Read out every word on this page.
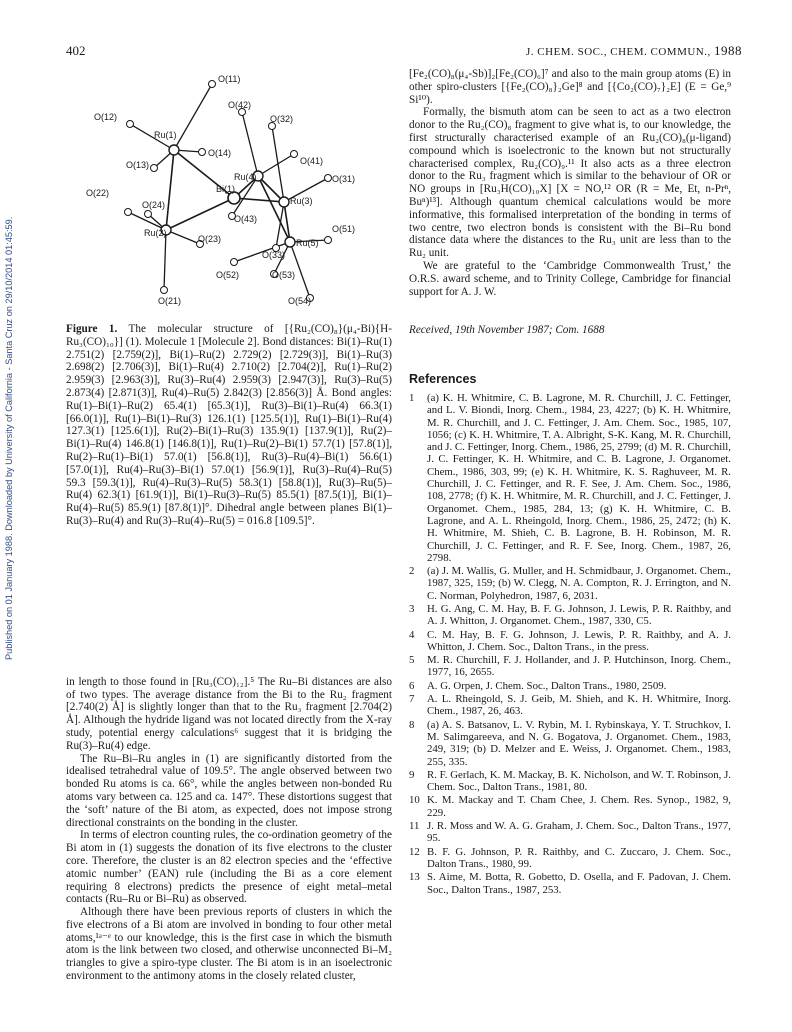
402	J. CHEM. SOC., CHEM. COMMUN., 1988
Published on 01 January 1988. Downloaded by University of California - Santa Cruz on 29/10/2014 01:45:59.
O(11)
O(42)
O(12)	O(32)
Ru(1)
O(14)
O(13)
Ru(4)
O(41)
O(31)
Bi(1)
O(22)
O(24)	Ru(3)
O(43)
O(51)
Ru(2)
O(23)	Ru(5)
O(33)
O(52)	O(53)
O(21)	O(54)

Figure 1. The molecular structure of [{Ru₂(CO)₈}(μ₄-Bi){H-Ru₃(CO)₁₀}] (1). Molecule 1 [Molecule 2]. Bond distances: Bi(1)–Ru(1) 2.751(2) [2.759(2)], Bi(1)–Ru(2) 2.729(2) [2.729(3)], Bi(1)–Ru(3) 2.698(2) [2.706(3)], Bi(1)–Ru(4) 2.710(2) [2.704(2)], Ru(1)–Ru(2) 2.959(3) [2.963(3)], Ru(3)–Ru(4) 2.959(3) [2.947(3)], Ru(3)–Ru(5) 2.873(4) [2.871(3)], Ru(4)–Ru(5) 2.842(3) [2.856(3)] Å. Bond angles: Ru(1)–Bi(1)–Ru(2) 65.4(1) [65.3(1)], Ru(3)–Bi(1)–Ru(4) 66.3(1) [66.0(1)], Ru(1)–Bi(1)–Ru(3) 126.1(1) [125.5(1)], Ru(1)–Bi(1)–Ru(4) 127.3(1) [125.6(1)], Ru(2)–Bi(1)–Ru(3) 135.9(1) [137.9(1)], Ru(2)–Bi(1)–Ru(4) 146.8(1) [146.8(1)], Ru(1)–Ru(2)–Bi(1) 57.7(1) [57.8(1)], Ru(2)–Ru(1)–Bi(1) 57.0(1) [56.8(1)], Ru(3)–Ru(4)–Bi(1) 56.6(1) [57.0(1)], Ru(4)–Ru(3)–Bi(1) 57.0(1) [56.9(1)], Ru(3)–Ru(4)–Ru(5) 59.3 [59.3(1)], Ru(4)–Ru(3)–Ru(5) 58.3(1) [58.8(1)], Ru(3)–Ru(5)–Ru(4) 62.3(1) [61.9(1)], Bi(1)–Ru(3)–Ru(5) 85.5(1) [87.5(1)], Bi(1)–Ru(4)–Ru(5) 85.9(1) [87.8(1)]°. Dihedral angle between planes Bi(1)–Ru(3)–Ru(4) and Ru(3)–Ru(4)–Ru(5) = 016.8 [109.5]°.

in length to those found in [Ru₃(CO)₁₂].⁵ The Ru–Bi distances are also of two types. The average distance from the Bi to the Ru₂ fragment [2.740(2) Å] is slightly longer than that to the Ru₃ fragment [2.704(2) Å]. Although the hydride ligand was not located directly from the X-ray study, potential energy calculations⁶ suggest that it is bridging the Ru(3)–Ru(4) edge.

The Ru–Bi–Ru angles in (1) are significantly distorted from the idealised tetrahedral value of 109.5°. The angle observed between two bonded Ru atoms is ca. 66°, while the angles between non-bonded Ru atoms vary between ca. 125 and ca. 147°. These distortions suggest that the ‘soft’ nature of the Bi atom, as expected, does not impose strong directional constraints on the bonding in the cluster.

In terms of electron counting rules, the co-ordination geometry of the Bi atom in (1) suggests the donation of its five electrons to the cluster core. Therefore, the cluster is an 82 electron species and the ‘effective atomic number’ (EAN) rule (including the Bi as a core element requiring 8 electrons) predicts the presence of eight metal–metal contacts (Ru–Ru or Bi–Ru) as observed.

Although there have been previous reports of clusters in which the five electrons of a Bi atom are involved in bonding to four other metal atoms,¹ᵃ⁻ᵉ to our knowledge, this is the first case in which the bismuth atom is the link between two closed, and otherwise unconnected Bi–M₂ triangles to give a spiro-type cluster. The Bi atom is in an isoelectronic environment to the antimony atoms in the closely related cluster,

[Fe₂(CO)₈(μ₄-Sb)]₂[Fe₂(CO)₆]⁷ and also to the main group atoms (E) in other spiro-clusters [{Fe₂(CO)₈}₂Ge]⁸ and [{Co₂(CO)₇}₂E] (E = Ge,⁹ Si¹⁰).

Formally, the bismuth atom can be seen to act as a two electron donor to the Ru₂(CO)₈ fragment to give what is, to our knowledge, the first structurally characterised example of an Ru₂(CO)₈(μ-ligand) compound which is isoelectronic to the known but not structurally characterised complex, Ru₂(CO)₉.¹¹ It also acts as a three electron donor to the Ru₃ fragment which is similar to the behaviour of OR or NO groups in [Ru₃H(CO)₁₀X] [X = NO,¹² OR (R = Me, Et, n-Prⁿ, Buⁿ)¹³]. Although quantum chemical calculations would be more informative, this formalised interpretation of the bonding in terms of two centre, two electron bonds is consistent with the Bi–Ru bond distance data where the distances to the Ru₃ unit are less than to the Ru₂ unit.

We are grateful to the ‘Cambridge Commonwealth Trust,’ the O.R.S. award scheme, and to Trinity College, Cambridge for financial support for A. J. W.

Received, 19th November 1987; Com. 1688

References
1 (a) K. H. Whitmire, C. B. Lagrone, M. R. Churchill, J. C. Fettinger, and L. V. Biondi, Inorg. Chem., 1984, 23, 4227; (b) K. H. Whitmire, M. R. Churchill, and J. C. Fettinger, J. Am. Chem. Soc., 1985, 107, 1056; (c) K. H. Whitmire, T. A. Albright, S-K. Kang, M. R. Churchill, and J. C. Fettinger, Inorg. Chem., 1986, 25, 2799; (d) M. R. Churchill, J. C. Fettinger, K. H. Whitmire, and C. B. Lagrone, J. Organomet. Chem., 1986, 303, 99; (e) K. H. Whitmire, K. S. Raghuveer, M. R. Churchill, J. C. Fettinger, and R. F. See, J. Am. Chem. Soc., 1986, 108, 2778; (f) K. H. Whitmire, M. R. Churchill, and J. C. Fettinger, J. Organomet. Chem., 1985, 284, 13; (g) K. H. Whitmire, C. B. Lagrone, and A. L. Rheingold, Inorg. Chem., 1986, 25, 2472; (h) K. H. Whitmire, M. Shieh, C. B. Lagrone, B. H. Robinson, M. R. Churchill, J. C. Fettinger, and R. F. See, Inorg. Chem., 1987, 26, 2798.
2 (a) J. M. Wallis, G. Muller, and H. Schmidbaur, J. Organomet. Chem., 1987, 325, 159; (b) W. Clegg, N. A. Compton, R. J. Errington, and N. C. Norman, Polyhedron, 1987, 6, 2031.
3 H. G. Ang, C. M. Hay, B. F. G. Johnson, J. Lewis, P. R. Raithby, and A. J. Whitton, J. Organomet. Chem., 1987, 330, C5.
4 C. M. Hay, B. F. G. Johnson, J. Lewis, P. R. Raithby, and A. J. Whitton, J. Chem. Soc., Dalton Trans., in the press.
5 M. R. Churchill, F. J. Hollander, and J. P. Hutchinson, Inorg. Chem., 1977, 16, 2655.
6 A. G. Orpen, J. Chem. Soc., Dalton Trans., 1980, 2509.
7 A. L. Rheingold, S. J. Geib, M. Shieh, and K. H. Whitmire, Inorg. Chem., 1987, 26, 463.
8 (a) A. S. Batsanov, L. V. Rybin, M. I. Rybinskaya, Y. T. Struchkov, I. M. Salimgareeva, and N. G. Bogatova, J. Organomet. Chem., 1983, 249, 319; (b) D. Melzer and E. Weiss, J. Organomet. Chem., 1983, 255, 335.
9 R. F. Gerlach, K. M. Mackay, B. K. Nicholson, and W. T. Robinson, J. Chem. Soc., Dalton Trans., 1981, 80.
10 K. M. Mackay and T. Cham Chee, J. Chem. Res. Synop., 1982, 9, 229.
11 J. R. Moss and W. A. G. Graham, J. Chem. Soc., Dalton Trans., 1977, 95.
12 B. F. G. Johnson, P. R. Raithby, and C. Zuccaro, J. Chem. Soc., Dalton Trans., 1980, 99.
13 S. Aime, M. Botta, R. Gobetto, D. Osella, and F. Padovan, J. Chem. Soc., Dalton Trans., 1987, 253.
